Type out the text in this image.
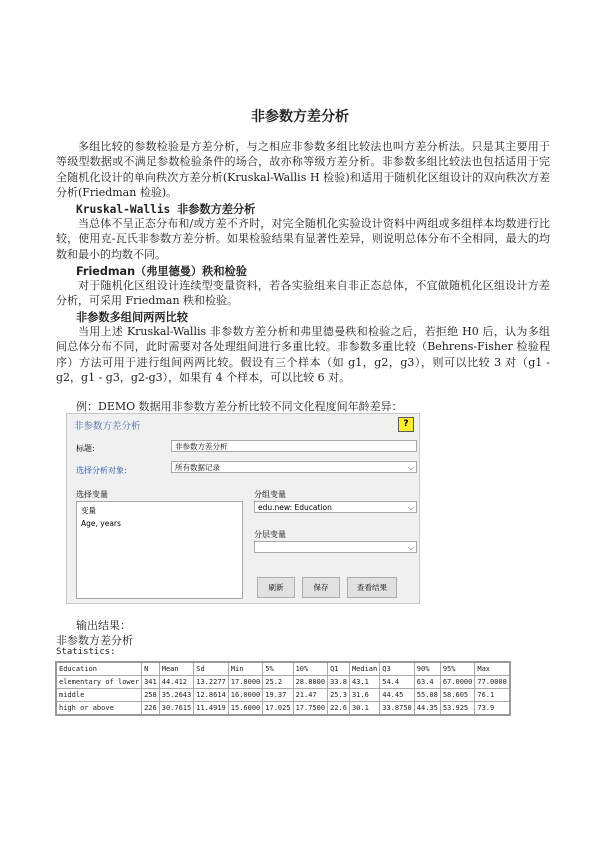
非参数方差分析
多组比较的参数检验是方差分析，与之相应非参数多组比较法也叫方差分析法。只是其主要用于等级型数据或不满足参数检验条件的场合，故亦称等级方差分析。非参数多组比较法也包括适用于完全随机化设计的单向秩次方差分析(Kruskal-Wallis H 检验)和适用于随机化区组设计的双向秩次方差分析(Friedman 检验)。
Kruskal-Wallis 非参数方差分析
当总体不呈正态分布和/或方差不齐时，对完全随机化实验设计资料中两组或多组样本均数进行比较，使用克-瓦氏非参数方差分析。如果检验结果有显著性差异，则说明总体分布不全相同，最大的均数和最小的均数不同。
Friedman（弗里德曼）秩和检验
对于随机化区组设计连续型变量资料，若各实验组来自非正态总体，不宜做随机化区组设计方差分析，可采用 Friedman 秩和检验。
非参数多组间两两比较
当用上述 Kruskal-Wallis 非参数方差分析和弗里德曼秩和检验之后，若拒绝 H0 后，认为多组间总体分布不同，此时需要对各处理组间进行多重比较。非参数多重比较（Behrens-Fisher 检验程序）方法可用于进行组间两两比较。假设有三个样本（如 g1，g2，g3），则可以比较 3 对（g1 -g2，g1 - g3，g2-g3），如果有 4 个样本，可以比较 6 对。
例：DEMO 数据用非参数方差分析比较不同文化程度间年龄差异：
非参数方差分析	?
标题:	非参数方差分析
选择分析对象:	所有数据记录	⌵
选择变量
变量
Age, years
分组变量
edu.new: Education	⌵
分层变量
⌵
刷新	保存	查看结果
输出结果：
非参数方差分析
Statistics:
Education	N	Mean	Sd	Min	5%	10%	Q1	Median	Q3	90%	95%	Max
elementary of lower	341	44.412	13.2277	17.8000	25.2	28.8000	33.8	43.1	54.4	63.4	67.0000	77.0000
middle	258	35.2643	12.8614	16.0000	19.37	21.47	25.3	31.6	44.45	55.08	58.605	76.1
high or above	226	30.7615	11.4919	15.6000	17.025	17.7500	22.6	30.1	33.8750	44.35	53.925	73.9
